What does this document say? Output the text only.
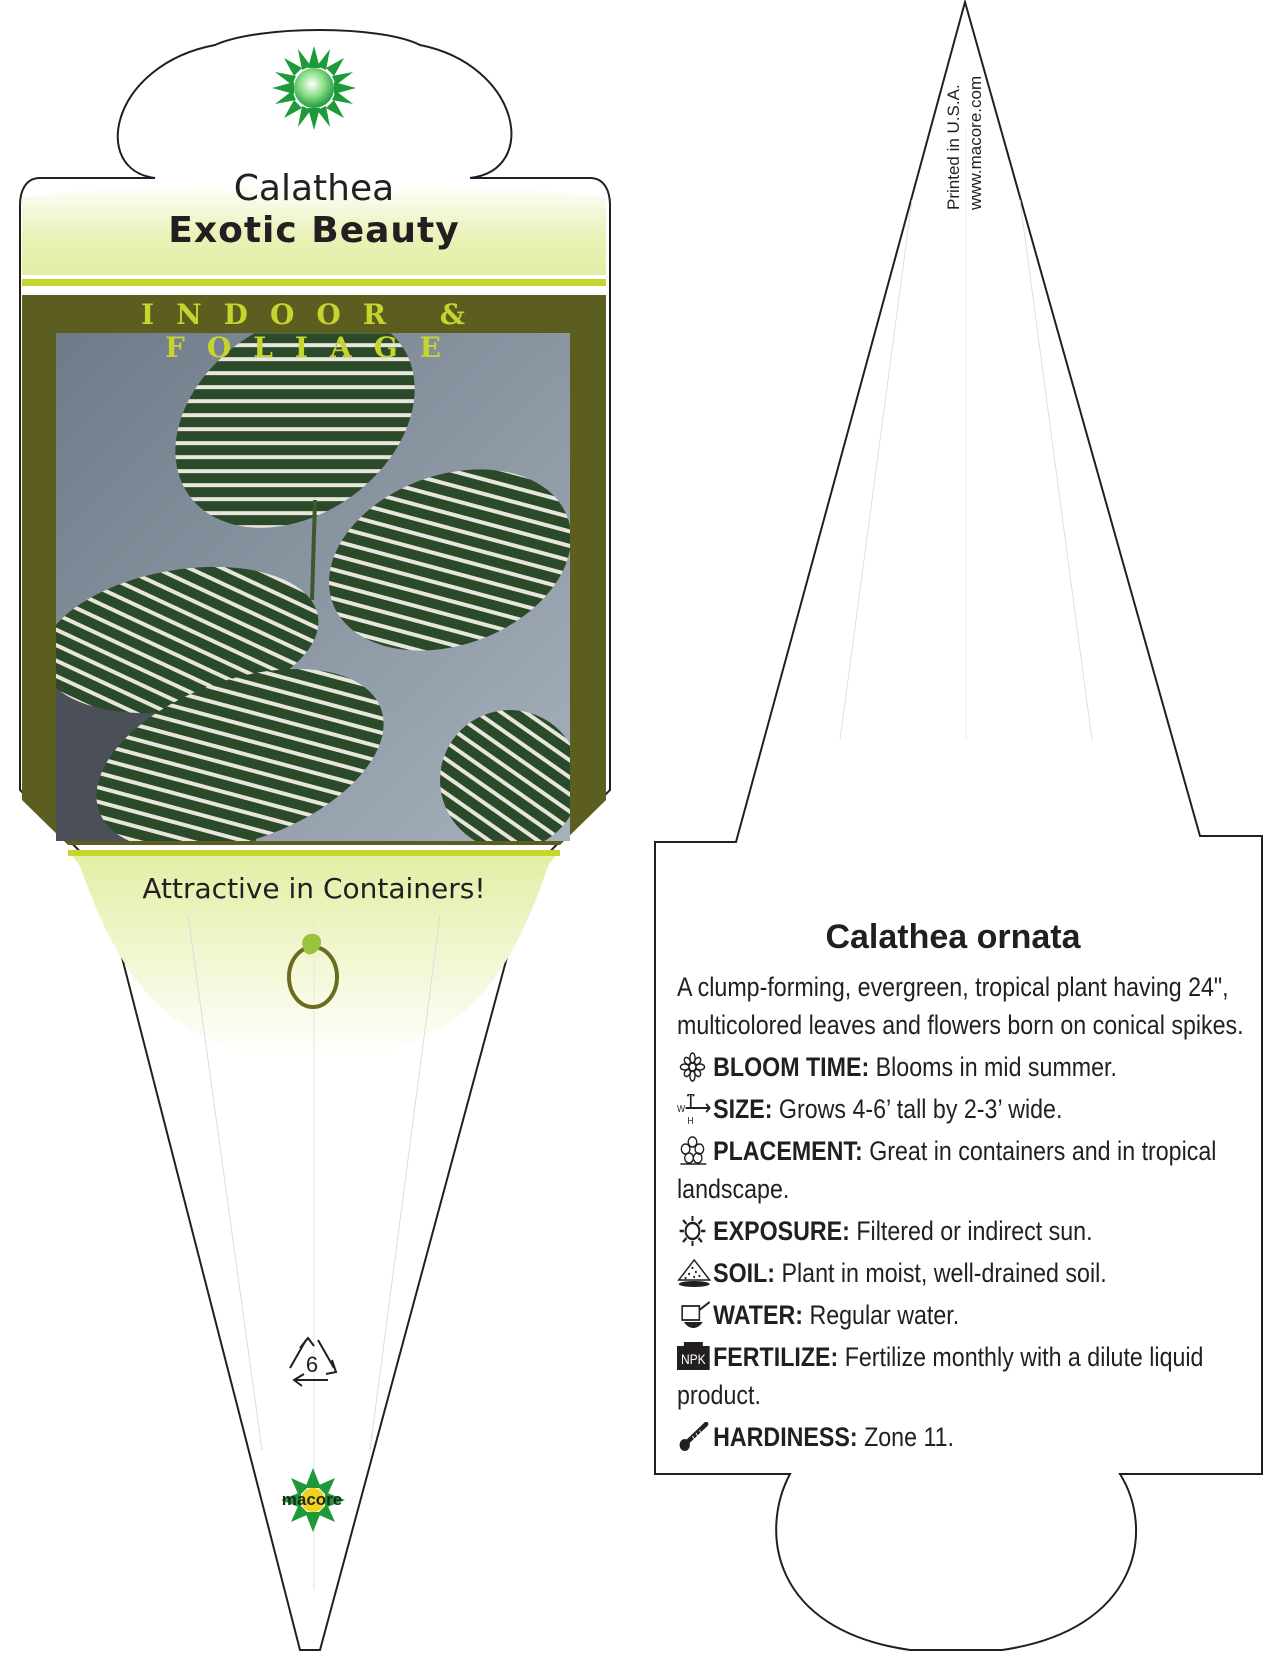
Calathea
Exotic Beauty
INDOOR & FOLIAGE
Attractive in Containers!
6
macore
Printed in U.S.A. www.macore.com
Calathea ornata
A clump-forming, evergreen, tropical plant having 24", multicolored leaves and flowers born on conical spikes.
BLOOM TIME: Blooms in mid summer.
W
H SIZE: Grows 4-6’ tall by 2-3’ wide.
PLACEMENT: Great in containers and in tropical landscape.
EXPOSURE: Filtered or indirect sun.
SOIL: Plant in moist, well-drained soil.
WATER: Regular water.
NPK FERTILIZE: Fertilize monthly with a dilute liquid product.
HARDINESS: Zone 11.
